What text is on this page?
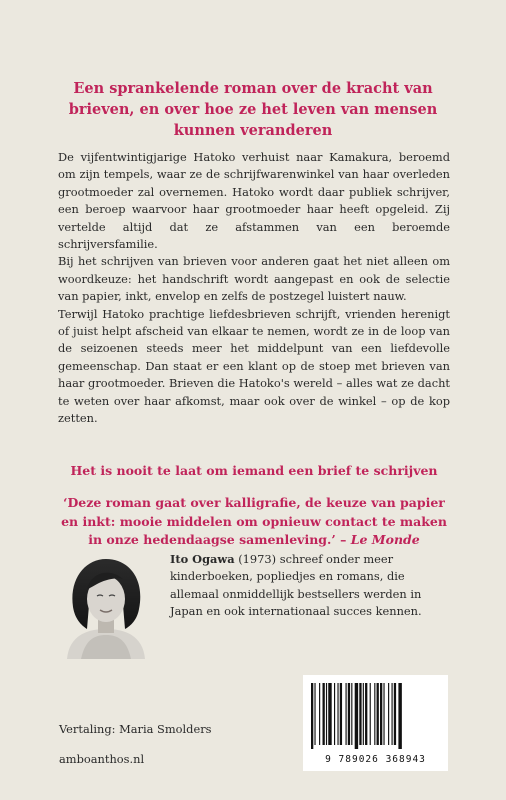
Een sprankelende roman over de kracht van
brieven, en over hoe ze het leven van mensen
kunnen veranderen

De vijfentwintigjarige Hatoko verhuist naar Kamakura, beroemd om zijn tempels, waar ze de schrijfwarenwinkel van haar overleden grootmoeder zal overnemen. Hatoko wordt daar publiek schrijver, een beroep waarvoor haar grootmoeder haar heeft opgeleid. Zij vertelde altijd dat ze afstammen van een beroemde schrijversfamilie.

Bij het schrijven van brieven voor anderen gaat het niet alleen om woordkeuze: het handschrift wordt aangepast en ook de selectie van papier, inkt, envelop en zelfs de postzegel luistert nauw.

Terwijl Hatoko prachtige liefdesbrieven schrijft, vrienden herenigt of juist helpt afscheid van elkaar te nemen, wordt ze in de loop van de seizoenen steeds meer het middelpunt van een liefdevolle gemeenschap. Dan staat er een klant op de stoep met brieven van haar grootmoeder. Brieven die Hatoko's wereld – alles wat ze dacht te weten over haar afkomst, maar ook over de winkel – op de kop zetten.

Het is nooit te laat om iemand een brief te schrijven
‘Deze roman gaat over kalligrafie, de keuze van papier en inkt: mooie middelen om opnieuw contact te maken in onze hedendaagse samenleving.’ – Le Monde
Ito Ogawa (1973) schreef onder meer kinderboeken, popliedjes en romans, die allemaal onmiddellijk bestsellers werden in Japan en ook internationaal succes kennen.
9 789026 368943
Vertaling: Maria Smolders
amboanthos.nl
